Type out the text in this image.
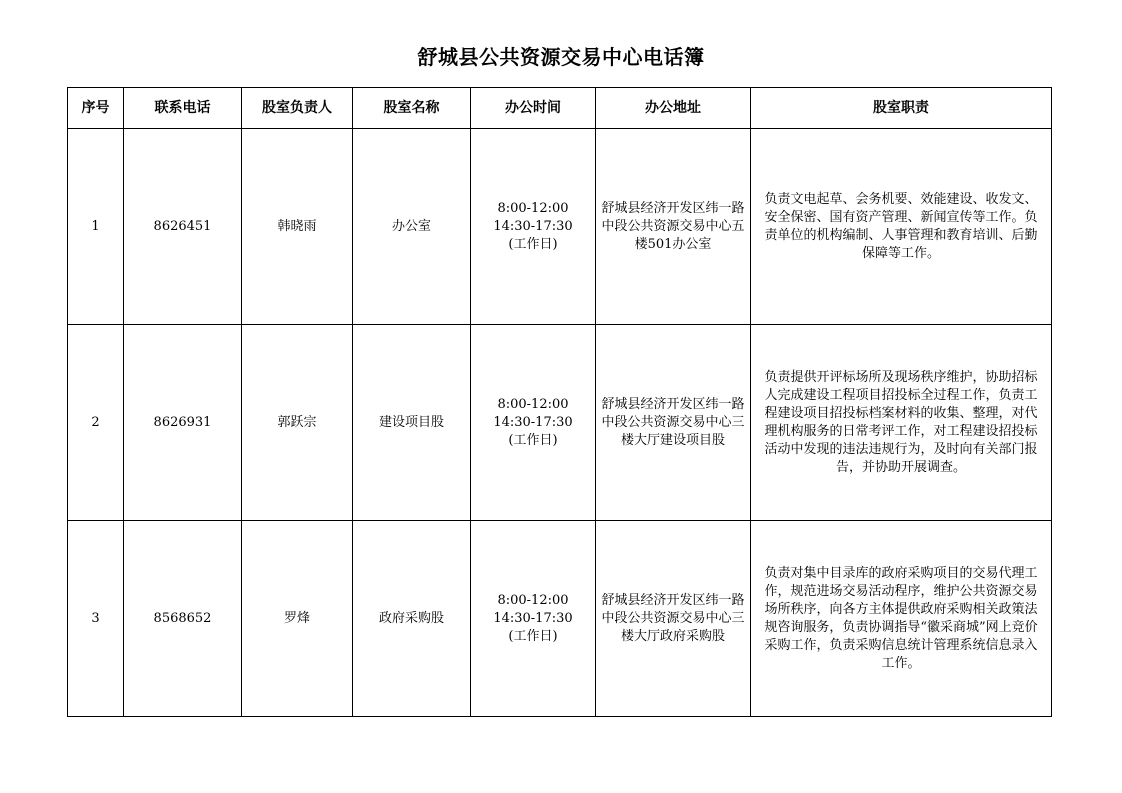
舒城县公共资源交易中心电话簿
序号	联系电话	股室负责人	股室名称	办公时间	办公地址	股室职责
1	8626451	韩晓雨	办公室	8:00-12:00
14:30-17:30
(工作日)	舒城县经济开发区纬一路中段公共资源交易中心五楼501办公室	负责文电起草、会务机要、效能建设、收发文、安全保密、国有资产管理、新闻宣传等工作。负责单位的机构编制、人事管理和教育培训、后勤保障等工作。
2	8626931	郭跃宗	建设项目股	8:00-12:00
14:30-17:30
(工作日)	舒城县经济开发区纬一路中段公共资源交易中心三楼大厅建设项目股	负责提供开评标场所及现场秩序维护，协助招标人完成建设工程项目招投标全过程工作，负责工程建设项目招投标档案材料的收集、整理，对代理机构服务的日常考评工作，对工程建设招投标活动中发现的违法违规行为，及时向有关部门报告，并协助开展调查。
3	8568652	罗烽	政府采购股	8:00-12:00
14:30-17:30
(工作日)	舒城县经济开发区纬一路中段公共资源交易中心三楼大厅政府采购股	负责对集中目录库的政府采购项目的交易代理工作，规范进场交易活动程序，维护公共资源交易场所秩序，向各方主体提供政府采购相关政策法规咨询服务，负责协调指导“徽采商城”网上竞价采购工作，负责采购信息统计管理系统信息录入工作。
